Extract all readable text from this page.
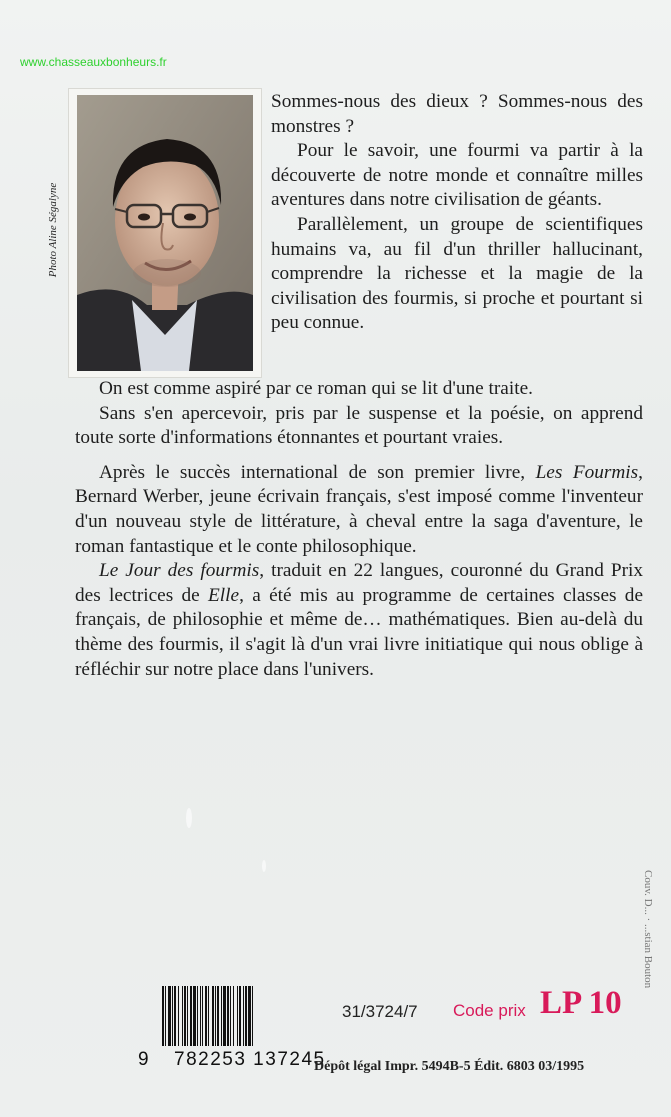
www.chasseauxbonheurs.fr
Photo Aline Ségalyne

Sommes-nous des dieux ? Sommes-nous des monstres ?

Pour le savoir, une fourmi va partir à la découverte de notre monde et connaître milles aventures dans notre civilisation de géants.

Parallèlement, un groupe de scientifiques humains va, au fil d'un thriller hallucinant, comprendre la richesse et la magie de la civilisation des fourmis, si proche et pourtant si peu connue.

On est comme aspiré par ce roman qui se lit d'une traite.

Sans s'en apercevoir, pris par le suspense et la poésie, on apprend toute sorte d'informations étonnantes et pourtant vraies.

Après le succès international de son premier livre, Les Fourmis, Bernard Werber, jeune écrivain français, s'est imposé comme l'inventeur d'un nouveau style de littérature, à cheval entre la saga d'aventure, le roman fantastique et le conte philosophique.

Le Jour des fourmis, traduit en 22 langues, couronné du Grand Prix des lectrices de Elle, a été mis au programme de certaines classes de français, de philosophie et même de… mathématiques. Bien au-delà du thème des fourmis, il s'agit là d'un vrai livre initiatique qui nous oblige à réfléchir sur notre place dans l'univers.

9 782253 137245
31/3724/7 Code prix LP 10
Dépôt légal Impr. 5494B-5 Édit. 6803 03/1995
Couv. D... · ...stian Bouton
